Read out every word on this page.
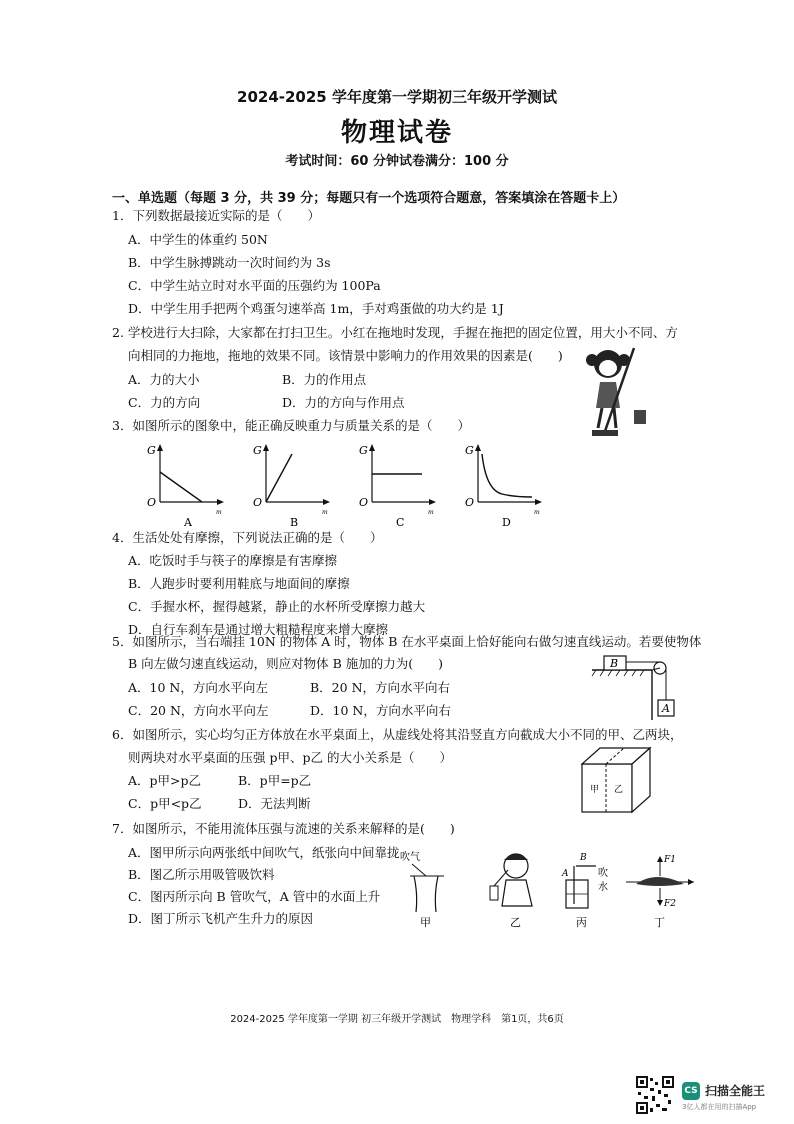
2024-2025 学年度第一学期初三年级开学测试
物理试卷
考试时间：60 分钟试卷满分：100 分
一、单选题（每题 3 分，共 39 分；每题只有一个选项符合题意，答案填涂在答题卡上）
1．下列数据最接近实际的是（　　）
A．中学生的体重约 50N
B．中学生脉搏跳动一次时间约为 3s
C．中学生站立时对水平面的压强约为 100Pa
D．中学生用手把两个鸡蛋匀速举高 1m，手对鸡蛋做的功大约是 1J
2. 学校进行大扫除，大家都在打扫卫生。小红在拖地时发现，手握在拖把的固定位置，用大小不同、方
向相同的力拖地，拖地的效果不同。该情景中影响力的作用效果的因素是(　　)
A．力的大小	B．力的作用点
C．力的方向	D．力的方向与作用点
3．如图所示的图象中，能正确反映重力与质量关系的是（　　）
G
O
m
A
G
O
m
B
G
O
m
C
G
O
m
D
4．生活处处有摩擦，下列说法正确的是（　　）
A．吃饭时手与筷子的摩擦是有害摩擦
B．人跑步时要利用鞋底与地面间的摩擦
C．手握水杯，握得越紧，静止的水杯所受摩擦力越大
D．自行车刹车是通过增大粗糙程度来增大摩擦
5．如图所示，当右端挂 10N 的物体 A 时，物体 B 在水平桌面上恰好能向右做匀速直线运动。若要使物体
B 向左做匀速直线运动，则应对物体 B 施加的力为(　　)
A．10 N，方向水平向左	B．20 N，方向水平向右
C．20 N，方向水平向左	D．10 N，方向水平向右
B
A
6．如图所示，实心均匀正方体放在水平桌面上，从虚线处将其沿竖直方向截成大小不同的甲、乙两块，
则两块对水平桌面的压强 p甲、p乙 的大小关系是（　　）
A．p甲>p乙	B．p甲=p乙
C．p甲<p乙	D．无法判断
甲 乙
7．如图所示，不能用流体压强与流速的关系来解释的是(　　)
A．图甲所示向两张纸中间吹气，纸张向中间靠拢
B．图乙所示用吸管吸饮料
C．图丙所示向 B 管吹气，A 管中的水面上升
D．图丁所示飞机产生升力的原因
吹气
甲	乙
A
B
吹
水
丙
F1
F2
丁
2024-2025 学年度第一学期 初三年级开学测试　物理学科　第1页，共6页
CS 扫描全能王
3亿人都在用的扫描App
